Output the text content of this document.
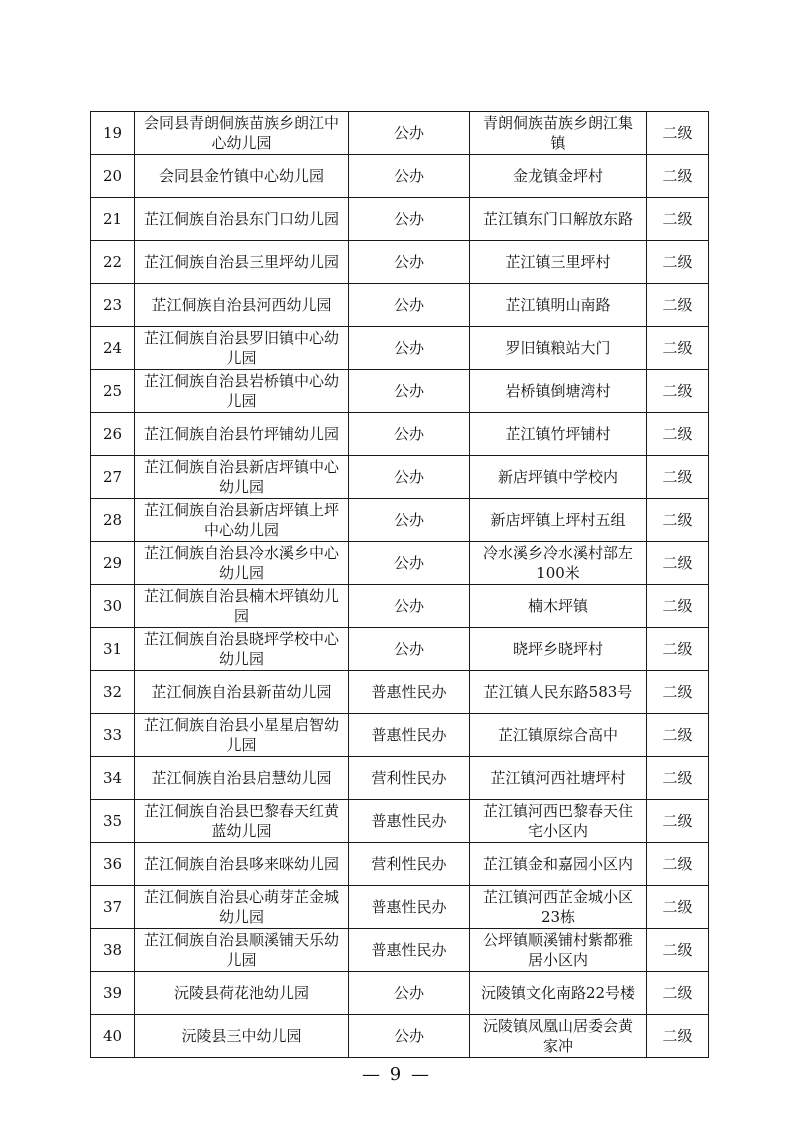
19	会同县青朗侗族苗族乡朗江中心幼儿园	公办	青朗侗族苗族乡朗江集镇	二级
20	会同县金竹镇中心幼儿园	公办	金龙镇金坪村	二级
21	芷江侗族自治县东门口幼儿园	公办	芷江镇东门口解放东路	二级
22	芷江侗族自治县三里坪幼儿园	公办	芷江镇三里坪村	二级
23	芷江侗族自治县河西幼儿园	公办	芷江镇明山南路	二级
24	芷江侗族自治县罗旧镇中心幼儿园	公办	罗旧镇粮站大门	二级
25	芷江侗族自治县岩桥镇中心幼儿园	公办	岩桥镇倒塘湾村	二级
26	芷江侗族自治县竹坪铺幼儿园	公办	芷江镇竹坪铺村	二级
27	芷江侗族自治县新店坪镇中心幼儿园	公办	新店坪镇中学校内	二级
28	芷江侗族自治县新店坪镇上坪中心幼儿园	公办	新店坪镇上坪村五组	二级
29	芷江侗族自治县冷水溪乡中心幼儿园	公办	冷水溪乡冷水溪村部左100米	二级
30	芷江侗族自治县楠木坪镇幼儿园	公办	楠木坪镇	二级
31	芷江侗族自治县晓坪学校中心幼儿园	公办	晓坪乡晓坪村	二级
32	芷江侗族自治县新苗幼儿园	普惠性民办	芷江镇人民东路583号	二级
33	芷江侗族自治县小星星启智幼儿园	普惠性民办	芷江镇原综合高中	二级
34	芷江侗族自治县启慧幼儿园	营利性民办	芷江镇河西社塘坪村	二级
35	芷江侗族自治县巴黎春天红黄蓝幼儿园	普惠性民办	芷江镇河西巴黎春天住宅小区内	二级
36	芷江侗族自治县哆来咪幼儿园	营利性民办	芷江镇金和嘉园小区内	二级
37	芷江侗族自治县心萌芽芷金城幼儿园	普惠性民办	芷江镇河西芷金城小区23栋	二级
38	芷江侗族自治县顺溪铺天乐幼儿园	普惠性民办	公坪镇顺溪铺村紫都雅居小区内	二级
39	沅陵县荷花池幼儿园	公办	沅陵镇文化南路22号楼	二级
40	沅陵县三中幼儿园	公办	沅陵镇凤凰山居委会黄家冲	二级
— 9 —
